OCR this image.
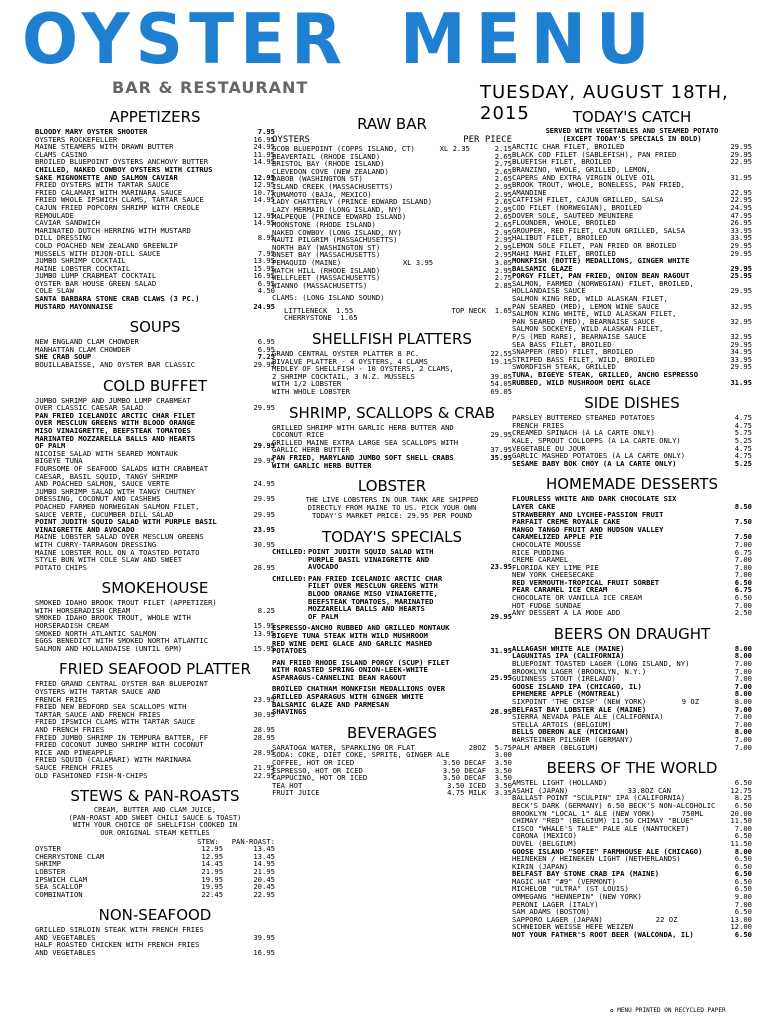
OYSTER MENU
BAR & RESTAURANT	TUESDAY, AUGUST 18TH, 2015
APPETIZERS
BLOODY MARY OYSTER SHOOTER	7.95
OYSTERS ROCKEFELLER	16.95
MAINE STEAMERS WITH DRAWN BUTTER	24.95
CLAMS CASINO	11.95
BROILED BLUEPOINT OYSTERS ANCHOVY BUTTER	14.95
CHILLED, NAKED COWBOY OYSTERS WITH CITRUS
SAKE MIGNONETTE AND SALMON CAVIAR	12.95
FRIED OYSTERS WITH TARTAR SAUCE	12.95
FRIED CALAMARI WITH MARINARA SAUCE	10.75
FRIED WHOLE IPSWICH CLAMS, TARTAR SAUCE	14.95
CAJUN FRIED POPCORN SHRIMP WITH CREOLE
REMOULADE	12.95
CAVIAR SANDWICH	14.95
MARINATED DUTCH HERRING WITH MUSTARD
DILL DRESSING	8.95
COLD POACHED NEW ZEALAND GREENLIP
MUSSELS WITH DIJON-DILL SAUCE	7.95
JUMBO SHRIMP COCKTAIL	13.95
MAINE LOBSTER COCKTAIL	15.95
JUMBO LUMP CRABMEAT COCKTAIL	16.95
OYSTER BAR HOUSE GREEN SALAD	6.95
COLE SLAW	4.50
SANTA BARBARA STONE CRAB CLAWS (3 PC.)
MUSTARD MAYONNAISE	24.95
SOUPS
NEW ENGLAND CLAM CHOWDER	6.95
MANHATTAN CLAM CHOWDER	6.95
SHE CRAB SOUP	7.25
BOUILLABAISSE, AND OYSTER BAR CLASSIC	29.95
COLD BUFFET
JUMBO SHRIMP AND JUMBO LUMP CRABMEAT
OVER CLASSIC CAESAR SALAD	29.95
PAN FRIED ICELANDIC ARCTIC CHAR FILET
OVER MESCLUN GREENS WITH BLOOD ORANGE
MISO VINAIGRETTE, BEEFSTEAK TOMATOES
MARINATED MOZZARELLA BALLS AND HEARTS
OF PALM	29.95
NICOISE SALAD WITH SEARED MONTAUK
BIGEYE TUNA	29.95
FOURSOME OF SEAFOOD SALADS WITH CRABMEAT
CAESAR, BASIL SQUID, TANGY SHRIMP
AND POACHED SALMON, SAUCE VERTE	24.95
JUMBO SHRIMP SALAD WITH TANGY CHUTNEY
DRESSING, COCONUT AND CASHEWS	29.95
POACHED FARMED NORWEGIAN SALMON FILET,
SAUCE VERTE, CUCUMBER DILL SALAD	29.95
POINT JUDITH SQUID SALAD WITH PURPLE BASIL
VINAIGRETTE AND AVOCADO	23.95
MAINE LOBSTER SALAD OVER MESCLUN GREENS
WITH CURRY-TARRAGON DRESSING	30.95
MAINE LOBSTER ROLL ON A TOASTED POTATO
STYLE BUN WITH COLE SLAW AND SWEET
POTATO CHIPS	28.95
SMOKEHOUSE
SMOKED IDAHO BROOK TROUT FILET (APPETIZER)
WITH HORSERADISH CREAM	8.25
SMOKED IDAHO BROOK TROUT, WHOLE WITH
HORSERADISH CREAM	15.95
SMOKED NORTH ATLANTIC SALMON	13.95
EGGS BENEDICT WITH SMOKED NORTH ATLANTIC
SALMON AND HOLLANDAISE (UNTIL 6PM)	15.95
FRIED SEAFOOD PLATTER
FRIED GRAND CENTRAL OYSTER BAR BLUEPOINT
OYSTERS WITH TARTAR SAUCE AND
FRENCH FRIES	23.95
FRIED NEW BEDFORD SEA SCALLOPS WITH
TARTAR SAUCE AND FRENCH FRIES	30.95
FRIED IPSWICH CLAMS WITH TARTAR SAUCE
AND FRENCH FRIES	28.95
FRIED JUMBO SHRIMP IN TEMPURA BATTER, FF	28.95
FRIED COCONUT JUMBO SHRIMP WITH COCONUT
RICE AND PINEAPPLE	28.95
FRIED SQUID (CALAMARI) WITH MARINARA
SAUCE FRENCH FRIES	21.95
OLD FASHIONED FISH-N-CHIPS	22.95
STEWS & PAN-ROASTS
CREAM, BUTTER AND CLAM JUICE,
(PAN-ROAST ADD SWEET CHILI SAUCE & TOAST)
WITH YOUR CHOICE OF SHELLFISH COOKED IN
OUR ORIGINAL STEAM KETTLES
STEW: PAN-ROAST:
OYSTER	12.95	13.45
CHERRYSTONE CLAM	12.95	13.45
SHRIMP	14.45	14.95
LOBSTER	21.95	21.95
IPSWICH CLAM	19.95	20.45
SEA SCALLOP	19.95	20.45
COMBINATION	22.45	22.95
NON-SEAFOOD
GRILLED SIRLOIN STEAK WITH FRENCH FRIES
AND VEGETABLES	39.95
HALF ROASTED CHICKEN WITH FRENCH FRIES
AND VEGETABLES	16.95
RAW BAR
OYSTERS	PER PIECE
GCOB BLUEPOINT (COPPS ISLAND, CT)	XL 2.35	2.15
BEAVERTAIL (RHODE ISLAND)	2.65
BRISTOL BAY (RHODE ISLAND)	2.75
CLEVEDON COVE (NEW ZEALAND)	2.65
DABOB (WASHINGTON ST)	2.65
ISLAND CREEK (MASSACHUSETTS)	2.95
KUMAMOTO (BAJA, MEXICO)	2.95
LADY CHATTERLY (PRINCE EDWARD ISLAND)	2.65
LAZY MERMAID (LONG ISLAND, NY)	2.95
MALPEQUE (PRINCE EDWARD ISLAND)	2.65
MOONSTONE (RHODE ISLAND)	2.65
NAKED COWBOY (LONG ISLAND, NY)	2.95
NAUTI PILGRIM (MASSACHUSETTS)	2.95
NORTH BAY (WASHINGTON ST)	2.95
ONSET BAY (MASSACHUSETTS)	2.95
PEMAQUID (MAINE)	XL 3.95	3.05
WATCH HILL (RHODE ISLAND)	2.95
WELLFLEET (MASSACHUSETTS)	2.75
WIANNO (MASSACHUSETTS)	2.85
CLAMS: (LONG ISLAND SOUND)
LITTLENECK 1.55	TOP NECK 1.65
CHERRYSTONE 1.65

SHELLFISH PLATTERS
GRAND CENTRAL OYSTER PLATTER 8 PC.	22.55
BIVALVE PLATTER - 4 OYSTERS, 4 CLAMS	19.15
MEDLEY OF SHELLFISH - 10 OYSTERS, 2 CLAMS,
2 SHRIMP COCKTAIL, 3 N.Z. MUSSELS	39.05
WITH 1/2 LOBSTER	54.05
WITH WHOLE LOBSTER	69.05
SHRIMP, SCALLOPS & CRAB
GRILLED SHRIMP WITH GARLIC HERB BUTTER AND
COCONUT RICE	29.95
GRILLED MAINE EXTRA LARGE SEA SCALLOPS WITH
GARLIC HERB BUTTER	37.95
PAN FRIED, MARYLAND JUMBO SOFT SHELL CRABS	35.95
WITH GARLIC HERB BUTTER
LOBSTER
THE LIVE LOBSTERS IN OUR TANK ARE SHIPPED
DIRECTLY FROM MAINE TO US. PICK YOUR OWN
TODAY'S MARKET PRICE:
29.95 PER POUND
TODAY'S SPECIALS
CHILLED: POINT JUDITH SQUID SALAD WITH
PURPLE BASIL VINAIGRETTE AND
AVOCADO	23.95
CHILLED: PAN FRIED ICELANDIC ARCTIC CHAR
FILET OVER MESCLUN GREENS WITH
BLOOD ORANGE MISO VINAIGRETTE,
BEEFSTEAK TOMATOES, MARINATED
MOZZARELLA BALLS AND HEARTS
OF PALM	29.95
ESPRESSO-ANCHO RUBBED AND GRILLED MONTAUK
BIGEYE TUNA STEAK WITH WILD MUSHROOM
RED WINE DEMI GLACE AND GARLIC MASHED
POTATOES	31.95
PAN FRIED RHODE ISLAND PORGY (SCUP) FILET
WITH ROASTED SPRING ONION-LEEK-WHITE
ASPARAGUS-CANNELINI BEAN RAGOUT	25.95
BROILED CHATHAM MONKFISH MEDALLIONS OVER
GRILLED ASPARAGUS WITH GINGER WHITE
BALSAMIC GLAZE AND PARMESAN
SHAVINGS	28.95
BEVERAGES
SARATOGA WATER, SPARKLING OR FLAT	28OZ 5.75
SODA: COKE, DIET COKE, SPRITE, GINGER ALE	3.00
COFFEE, HOT OR ICED	3.50 DECAF 3.50
ESPRESSO, HOT OR ICED	3.50 DECAF 3.50
CAPPUCINO, HOT OR ICED	3.50 DECAF 3.50
TEA HOT	3.50 ICED 3.50
FRUIT JUICE	4.75 MILK 3.35
TODAY'S CATCH
SERVED WITH VEGETABLES AND STEAMED POTATO
(EXCEPT TODAY'S SPECIALS IN BOLD)
ARCTIC CHAR FILET, BROILED	29.95
BLACK COD FILET (SABLEFISH), PAN FRIED	29.95
BLUEFISH FILET, BROILED	22.95
BRANZINO, WHOLE, GRILLED, LEMON,
CAPERS AND EXTRA VIRGIN OLIVE OIL	31.95
BROOK TROUT, WHOLE, BONELESS, PAN FRIED,
AMANDINE	22.95
CATFISH FILET, CAJUN GRILLED, SALSA	22.95
COD FILET (NORWEGIAN), BROILED	24.95
DOVER SOLE, SAUTEED MEUNIERE	47.95
FLOUNDER, WHOLE, BROILED	26.95
GROUPER, RED FILET, CAJUN GRILLED, SALSA	33.95
HALIBUT FILET, BROILED	33.95
LEMON SOLE FILET, PAN FRIED OR BROILED	29.95
MAHI MAHI FILET, BROILED	29.95
MONKFISH (BOTTE) MEDALLIONS, GINGER WHITE
BALSAMIC GLAZE	29.95
PORGY FILET, PAN FRIED, ONION BEAN RAGOUT	25.95
SALMON, FARMED (NORWEGIAN) FILET, BROILED,
HOLLANDAISE SAUCE	29.95
SALMON KING RED, WILD ALASKAN FILET,
PAN SEARED (MED), LEMON WINE SAUCE	32.95
SALMON KING WHITE, WILD ALASKAN FILET,
PAN SEARED (MED), BEARNAISE SAUCE	32.95
SALMON SOCKEYE, WILD ALASKAN FILET,
P/S (MED RARE), BEARNAISE SAUCE	32.95
SEA BASS FILET, BROILED	29.95
SNAPPER (RED) FILET, BROILED	34.95
STRIPED BASS FILET, WILD, BROILED	33.95
SWORDFISH STEAK, GRILLED	29.95
TUNA, BIGEYE STEAK, GRILLED, ANCHO ESPRESSO
RUBBED, WILD MUSHROOM DEMI GLACE	31.95
SIDE DISHES
PARSLEY BUTTERED STEAMED POTATOES	4.75
FRENCH FRIES	4.75
CREAMED SPINACH (A LA CARTE ONLY)	5.75
KALE, SPROUT COLLOPPS (A LA CARTE ONLY)	5.25
VEGETABLE DU JOUR	4.75
GARLIC MASHED POTATOES (A LA CARTE ONLY)	4.75
SESAME BABY BOK CHOY (A LA CARTE ONLY)	5.25
HOMEMADE DESSERTS
FLOURLESS WHITE AND DARK CHOCOLATE SIX
LAYER CAKE	8.50
STRAWBERRY AND LYCHEE-PASSION FRUIT
PARFAIT CREME ROYALE CAKE	7.50
MANGO TANGO FRUIT AND HUDSON VALLEY
CARAMELIZED APPLE PIE	7.50
CHOCOLATE MOUSSE	7.00
RICE PUDDING	6.75
CREME CARAMEL	7.00
FLORIDA KEY LIME PIE	7.00
NEW YORK CHEESECAKE	7.00
RED VERMOUTH-TROPICAL FRUIT SORBET	6.50
PEAR CARAMEL ICE CREAM	6.75
CHOCOLATE OR VANILLA ICE CREAM	6.50
HOT FUDGE SUNDAE	7.00
ANY DESSERT A LA MODE ADD	2.50
BEERS ON DRAUGHT
ALLAGASH WHITE ALE (MAINE)	8.00
LAGUNITAS IPA (CALIFORNIA)	8.00
BLUEPOINT TOASTED LAGER (LONG ISLAND, NY)	7.00
BROOKLYN LAGER (BROOKLYN, N.Y.)	7.00
GUINNESS STOUT (IRELAND)	7.00
GOOSE ISLAND IPA (CHICAGO, IL)	7.00
EPHEMERE APPLE (MONTREAL)	8.00
SIXPOINT 'THE CRISP' (NEW YORK)	9 OZ	8.00
BELFAST BAY LOBSTER ALE (MAINE)	7.00
SIERRA NEVADA PALE ALE (CALIFORNIA)	7.00
STELLA ARTOIS (BELGIUM)	7.00
BELLS OBERON ALE (MICHIGAN)	8.00
WARSTEINER PILSNER (GERMANY)	7.00
PALM AMBER (BELGIUM)	7.00
BEERS OF THE WORLD
AMSTEL LIGHT (HOLLAND)	6.50
ASAHI (JAPAN)	33.8OZ CAN	12.75
BALLAST POINT "SCULPIN" IPA (CALIFORNIA)	8.25
BECK'S DARK (GERMANY) 6.50 BECK'S NON-ALCOHOLIC	6.50
BROOKLYN "LOCAL 1" ALE (NEW YORK)	750ML	20.00
CHIMAY "RED" (BELGIUM) 11.50 CHIMAY "BLUE"	11.50
CISCO "WHALE'S TALE" PALE ALE (NANTUCKET)	7.00
CORONA (MEXICO)	6.50
DUVEL (BELGIUM)	11.50
GOOSE ISLAND "SOFIE" FARMHOUSE ALE (CHICAGO)	8.00
HEINEKEN / HEINEKEN LIGHT (NETHERLANDS)	6.50
KIRIN (JAPAN)	6.50
BELFAST BAY STONE CRAB IPA (MAINE)	6.50
MAGIC HAT "#9" (VERMONT)	6.50
MICHELOB "ULTRA" (ST LOUIS)	6.50
OMMEGANG "HENNEPIN" (NEW YORK)	9.00
PERONI LAGER (ITALY)	7.00
SAM ADAMS (BOSTON)	6.50
SAPPORO LAGER (JAPAN)	22 OZ	13.00
SCHNEIDER WEISSE HEFE WEIZEN	12.00
NOT YOUR FATHER'S ROOT BEER (WALCONDA, IL)	6.50
♻ MENU PRINTED ON RECYCLED PAPER
